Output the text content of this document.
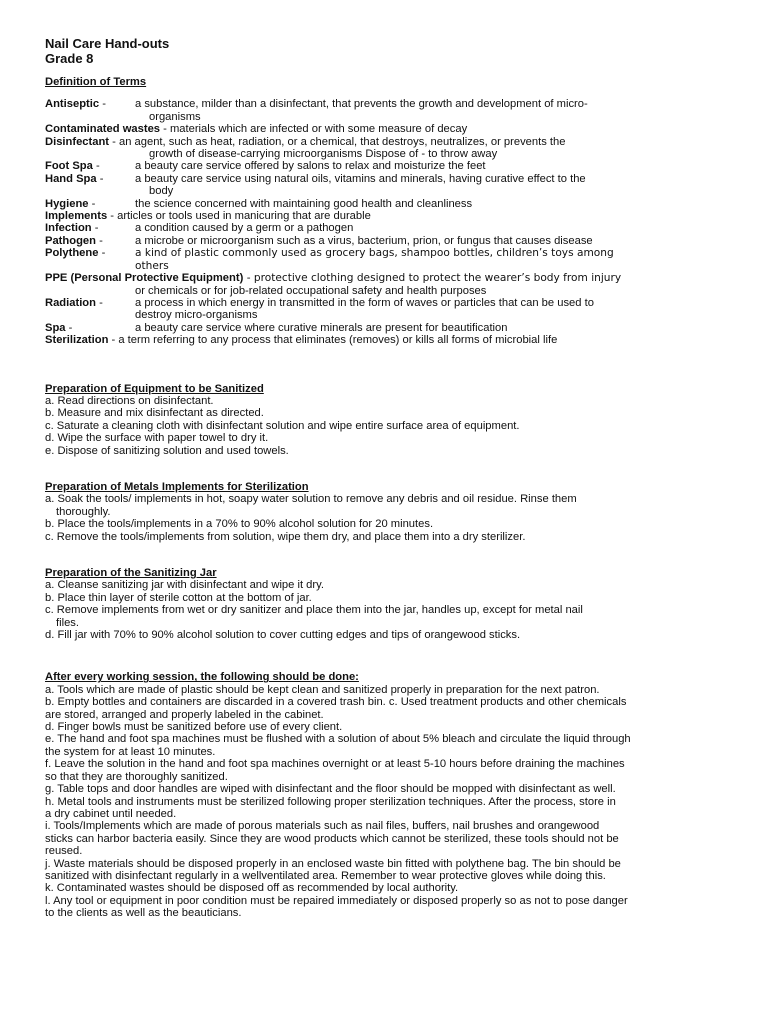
Nail Care Hand-outs
Grade 8
Definition of Terms
Antiseptic -	a substance, milder than a disinfectant, that prevents the growth and development of micro-
organisms
Contaminated wastes - materials which are infected or with some measure of decay
Disinfectant - an agent, such as heat, radiation, or a chemical, that destroys, neutralizes, or prevents the
growth of disease-carrying microorganisms Dispose of - to throw away
Foot Spa -	a beauty care service offered by salons to relax and moisturize the feet
Hand Spa -	a beauty care service using natural oils, vitamins and minerals, having curative effect to the
body
Hygiene -	the science concerned with maintaining good health and cleanliness
Implements - articles or tools used in manicuring that are durable
Infection -	a condition caused by a germ or a pathogen
Pathogen -	a microbe or microorganism such as a virus, bacterium, prion, or fungus that causes disease
Polythene -	a kind of plastic commonly used as grocery bags, shampoo bottles, children’s toys among
others
PPE (Personal Protective Equipment) - protective clothing designed to protect the wearer’s body from injury
or chemicals or for job-related occupational safety and health purposes
Radiation -	a process in which energy in transmitted in the form of waves or particles that can be used to
destroy micro-organisms
Spa -	a beauty care service where curative minerals are present for beautification
Sterilization - a term referring to any process that eliminates (removes) or kills all forms of microbial life
Preparation of Equipment to be Sanitized
a. Read directions on disinfectant.
b. Measure and mix disinfectant as directed.
c. Saturate a cleaning cloth with disinfectant solution and wipe entire surface area of equipment.
d. Wipe the surface with paper towel to dry it.
e. Dispose of sanitizing solution and used towels.
Preparation of Metals Implements for Sterilization
a. Soak the tools/ implements in hot, soapy water solution to remove any debris and oil residue. Rinse them
thoroughly.
b. Place the tools/implements in a 70% to 90% alcohol solution for 20 minutes.
c. Remove the tools/implements from solution, wipe them dry, and place them into a dry sterilizer.
Preparation of the Sanitizing Jar
a. Cleanse sanitizing jar with disinfectant and wipe it dry.
b. Place thin layer of sterile cotton at the bottom of jar.
c. Remove implements from wet or dry sanitizer and place them into the jar, handles up, except for metal nail
files.
d. Fill jar with 70% to 90% alcohol solution to cover cutting edges and tips of orangewood sticks.
After every working session, the following should be done:
a. Tools which are made of plastic should be kept clean and sanitized properly in preparation for the next patron.
b. Empty bottles and containers are discarded in a covered trash bin. c. Used treatment products and other chemicals
are stored, arranged and properly labeled in the cabinet.
d. Finger bowls must be sanitized before use of every client.
e. The hand and foot spa machines must be flushed with a solution of about 5% bleach and circulate the liquid through
the system for at least 10 minutes.
f. Leave the solution in the hand and foot spa machines overnight or at least 5-10 hours before draining the machines
so that they are thoroughly sanitized.
g. Table tops and door handles are wiped with disinfectant and the floor should be mopped with disinfectant as well.
h. Metal tools and instruments must be sterilized following proper sterilization techniques. After the process, store in
a dry cabinet until needed.
i. Tools/Implements which are made of porous materials such as nail files, buffers, nail brushes and orangewood
sticks can harbor bacteria easily. Since they are wood products which cannot be sterilized, these tools should not be
reused.
j. Waste materials should be disposed properly in an enclosed waste bin fitted with polythene bag. The bin should be
sanitized with disinfectant regularly in a wellventilated area. Remember to wear protective gloves while doing this.
k. Contaminated wastes should be disposed off as recommended by local authority.
l. Any tool or equipment in poor condition must be repaired immediately or disposed properly so as not to pose danger
to the clients as well as the beauticians.
